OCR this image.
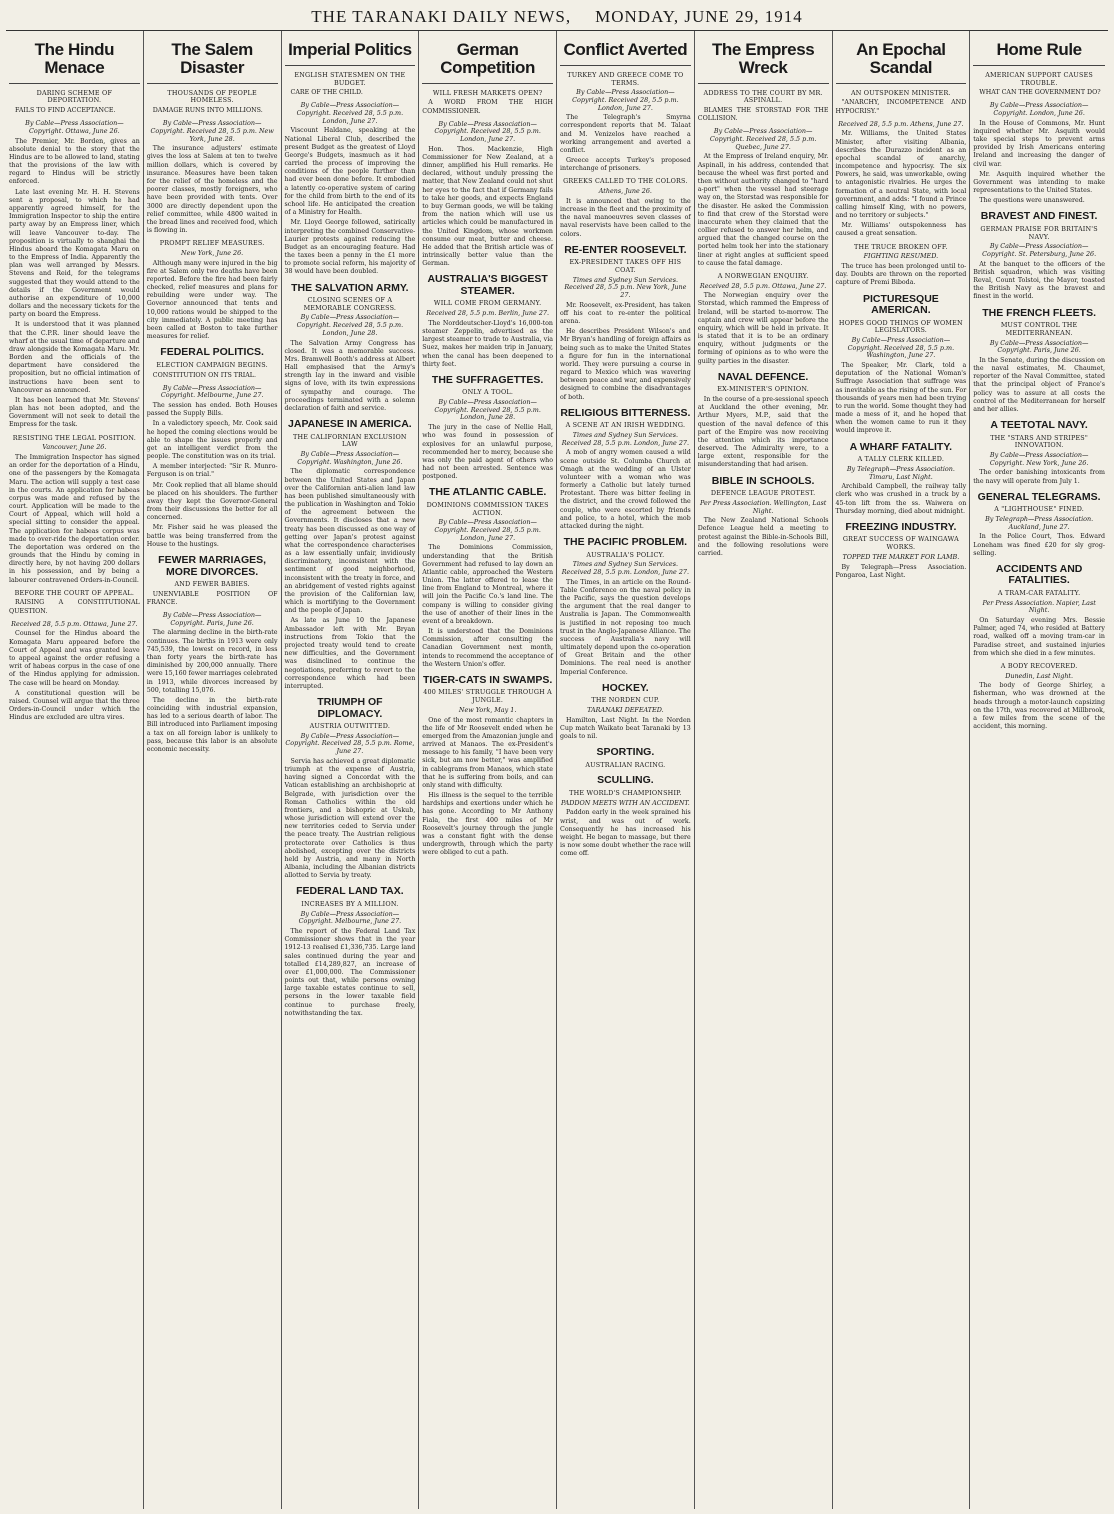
THE TARANAKI DAILY NEWS, MONDAY, JUNE 29, 1914
The Hindu Menace
DARING SCHEME OF DEPORTATION.
FAILS TO FIND ACCEPTANCE.
By Cable—Press Association—Copyright. Ottawa, June 26.
The Premier, Mr. Borden, gives an absolute denial to the story that the Hindus are to be allowed to land, stating that the provisions of the law with regard to Hindus will be strictly enforced.
Late last evening Mr. H. H. Stevens sent a proposal, to which he had apparently agreed himself, for the Immigration Inspector to ship the entire party away by an Empress liner, which will leave Vancouver to-day. The proposition is virtually to shanghai the Hindus aboard the Komagata Maru on to the Empress of India. Apparently the plan was well arranged by Messrs. Stevens and Reid, for the telegrams suggested that they would attend to the details if the Government would authorise an expenditure of 10,000 dollars and the necessary tickets for the party on board the Empress.
It is understood that it was planned that the C.P.R. liner should leave the wharf at the usual time of departure and draw alongside the Komagata Maru. Mr. Borden and the officials of the department have considered the proposition, but no official intimation of instructions have been sent to Vancouver as announced.
It has been learned that Mr. Stevens' plan has not been adopted, and the Government will not seek to detail the Empress for the task.
RESISTING THE LEGAL POSITION.
Vancouver, June 26.
The Immigration Inspector has signed an order for the deportation of a Hindu, one of the passengers by the Komagata Maru. The action will supply a test case in the courts. An application for habeas corpus was made and refused by the court. Application will be made to the Court of Appeal, which will hold a special sitting to consider the appeal. The application for habeas corpus was made to over-ride the deportation order. The deportation was ordered on the grounds that the Hindu by coming in directly here, by not having 200 dollars in his possession, and by being a labourer contravened Orders-in-Council.
BEFORE THE COURT OF APPEAL.
RAISING A CONSTITUTIONAL QUESTION.
Received 28, 5.5 p.m. Ottawa, June 27.
Counsel for the Hindus aboard the Komagata Maru appeared before the Court of Appeal and was granted leave to appeal against the order refusing a writ of habeas corpus in the case of one of the Hindus applying for admission. The case will be heard on Monday.
A constitutional question will be raised. Counsel will argue that the three Orders-in-Council under which the Hindus are excluded are ultra vires.
The Salem Disaster
THOUSANDS OF PEOPLE HOMELESS.
DAMAGE RUNS INTO MILLIONS.
By Cable—Press Association—Copyright. Received 28, 5.5 p.m. New York, June 28.
The insurance adjusters' estimate gives the loss at Salem at ten to twelve million dollars, which is covered by insurance. Measures have been taken for the relief of the homeless and the poorer classes, mostly foreigners, who have been provided with tents. Over 3000 are directly dependent upon the relief committee, while 4800 waited in the bread lines and received food, which is flowing in.
PROMPT RELIEF MEASURES.
New York, June 26.
Although many were injured in the big fire at Salem only two deaths have been reported. Before the fire had been fairly checked, relief measures and plans for rebuilding were under way. The Governor announced that tents and 10,000 rations would be shipped to the city immediately. A public meeting has been called at Boston to take further measures for relief.
FEDERAL POLITICS.
ELECTION CAMPAIGN BEGINS.
CONSTITUTION ON ITS TRIAL.
By Cable—Press Association—Copyright. Melbourne, June 27.
The session has ended. Both Houses passed the Supply Bills.
In a valedictory speech, Mr. Cook said he hoped the coming elections would be able to shape the issues properly and get an intelligent verdict from the people. The constitution was on its trial.
A member interjected: "Sir R. Munro-Ferguson is on trial."
Mr. Cook replied that all blame should be placed on his shoulders. The further away they kept the Governor-General from their discussions the better for all concerned.
Mr. Fisher said he was pleased the battle was being transferred from the House to the hustings.
FEWER MARRIAGES, MORE DIVORCES.
AND FEWER BABIES.
UNENVIABLE POSITION OF FRANCE.
By Cable—Press Association—Copyright. Paris, June 26.
The alarming decline in the birth-rate continues. The births in 1913 were only 745,539, the lowest on record, in less than forty years the birth-rate has diminished by 200,000 annually. There were 15,160 fewer marriages celebrated in 1913, while divorces increased by 500, totalling 15,076.
The decline in the birth-rate coinciding with industrial expansion, has led to a serious dearth of labor. The Bill introduced into Parliament imposing a tax on all foreign labor is unlikely to pass, because this labor is an absolute economic necessity.
Imperial Politics
ENGLISH STATESMEN ON THE BUDGET.
CARE OF THE CHILD.
By Cable—Press Association—Copyright. Received 28, 5.5 p.m. London, June 27.
Viscount Haldane, speaking at the National Liberal Club, described the present Budget as the greatest of Lloyd George's Budgets, inasmuch as it had carried the process of improving the conditions of the people further than had ever been done before. It embodied a latently co-operative system of caring for the child from birth to the end of its school life. He anticipated the creation of a Ministry for Health.
Mr. Lloyd George followed, satirically interpreting the combined Conservative-Laurier protests against reducing the Budget as an encouraging feature. Had the taxes been a penny in the £1 more to promote social reform, his majority of 38 would have been doubled.
THE SALVATION ARMY.
CLOSING SCENES OF A MEMORABLE CONGRESS.
By Cable—Press Association—Copyright. Received 28, 5.5 p.m. London, June 28.
The Salvation Army Congress has closed. It was a memorable success. Mrs. Bramwell Booth's address at Albert Hall emphasised that the Army's strength lay in the inward and visible signs of love, with its twin expressions of sympathy and courage. The proceedings terminated with a solemn declaration of faith and service.
JAPANESE IN AMERICA.
THE CALIFORNIAN EXCLUSION LAW
By Cable—Press Association—Copyright. Washington, June 26.
The diplomatic correspondence between the United States and Japan over the Californian anti-alien land law has been published simultaneously with the publication in Washington and Tokio of the agreement between the Governments. It discloses that a new treaty has been discussed as one way of getting over Japan's protest against what the correspondence characterises as a law essentially unfair, invidiously discriminatory, inconsistent with the sentiment of good neighborhood, inconsistent with the treaty in force, and an abridgement of vested rights against the provision of the Californian law, which is mortifying to the Government and the people of Japan.
As late as June 10 the Japanese Ambassador left with Mr. Bryan instructions from Tokio that the projected treaty would tend to create new difficulties, and the Government was disinclined to continue the negotiations, preferring to revert to the correspondence which had been interrupted.
TRIUMPH OF DIPLOMACY.
AUSTRIA OUTWITTED.
By Cable—Press Association—Copyright. Received 28, 5.5 p.m. Rome, June 27.
Servia has achieved a great diplomatic triumph at the expense of Austria, having signed a Concordat with the Vatican establishing an archbishopric at Belgrade, with jurisdiction over the Roman Catholics within the old frontiers, and a bishopric at Uskub, whose jurisdiction will extend over the new territories ceded to Servia under the peace treaty. The Austrian religious protectorate over Catholics is thus abolished, excepting over the districts held by Austria, and many in North Albania, including the Albanian districts allotted to Servia by treaty.
FEDERAL LAND TAX.
INCREASES BY A MILLION.
By Cable—Press Association—Copyright. Melbourne, June 27.
The report of the Federal Land Tax Commissioner shows that in the year 1912-13 realised £1,336,735. Large land sales continued during the year and totalled £14,289,827, an increase of over £1,000,000. The Commissioner points out that, while persons owning large taxable estates continue to sell, persons in the lower taxable field continue to purchase freely, notwithstanding the tax.
German Competition
WILL FRESH MARKETS OPEN?
A WORD FROM THE HIGH COMMISSIONER.
By Cable—Press Association—Copyright. Received 28, 5.5 p.m. London, June 27.
Hon. Thos. Mackenzie, High Commissioner for New Zealand, at a dinner, amplified his Hull remarks. He declared, without unduly pressing the matter, that New Zealand could not shut her eyes to the fact that if Germany fails to take her goods, and expects England to buy German goods, we will be taking from the nation which will use us articles which could be manufactured in the United Kingdom, whose workmen consume our meat, butter and cheese. He added that the British article was of intrinsically better value than the German.
AUSTRALIA'S BIGGEST STEAMER.
WILL COME FROM GERMANY.
Received 28, 5.5 p.m. Berlin, June 27.
The Norddeutscher-Lloyd's 16,000-ton steamer Zeppelin, advertised as the largest steamer to trade to Australia, via Suez, makes her maiden trip in January, when the canal has been deepened to thirty feet.
THE SUFFRAGETTES.
ONLY A TOOL.
By Cable—Press Association—Copyright. Received 28, 5.5 p.m. London, June 28.
The jury in the case of Nellie Hall, who was found in possession of explosives for an unlawful purpose, recommended her to mercy, because she was only the paid agent of others who had not been arrested. Sentence was postponed.
THE ATLANTIC CABLE.
DOMINIONS COMMISSION TAKES ACTION.
By Cable—Press Association—Copyright. Received 28, 5.5 p.m. London, June 27.
The Dominions Commission, understanding that the British Government had refused to lay down an Atlantic cable, approached the Western Union. The latter offered to lease the line from England to Montreal, where it will join the Pacific Co.'s land line. The company is willing to consider giving the use of another of their lines in the event of a breakdown.
It is understood that the Dominions Commission, after consulting the Canadian Government next month, intends to recommend the acceptance of the Western Union's offer.
TIGER-CATS IN SWAMPS.
400 MILES' STRUGGLE THROUGH A JUNGLE.
New York, May 1.
One of the most romantic chapters in the life of Mr Roosevelt ended when he emerged from the Amazonian jungle and arrived at Manaos. The ex-President's message to his family, "I have been very sick, but am now better," was amplified in cablegrams from Manaos, which state that he is suffering from boils, and can only stand with difficulty.
His illness is the sequel to the terrible hardships and exertions under which he has gone. According to Mr Anthony Fiala, the first 400 miles of Mr Roosevelt's journey through the jungle was a constant fight with the dense undergrowth, through which the party were obliged to cut a path.
Conflict Averted
TURKEY AND GREECE COME TO TERMS.
By Cable—Press Association—Copyright. Received 28, 5.5 p.m. London, June 27.
The Telegraph's Smyrna correspondent reports that M. Talaat and M. Venizelos have reached a working arrangement and averted a conflict.
Greece accepts Turkey's proposed interchange of prisoners.
GREEKS CALLED TO THE COLORS.
Athens, June 26.
It is announced that owing to the increase in the fleet and the proximity of the naval manoeuvres seven classes of naval reservists have been called to the colors.
RE-ENTER ROOSEVELT.
EX-PRESIDENT TAKES OFF HIS COAT.
Times and Sydney Sun Services. Received 28, 5.5 p.m. New York, June 27.
Mr. Roosevelt, ex-President, has taken off his coat to re-enter the political arena.
He describes President Wilson's and Mr Bryan's handling of foreign affairs as being such as to make the United States a figure for fun in the international world. They were pursuing a course in regard to Mexico which was wavering between peace and war, and expensively designed to combine the disadvantages of both.
RELIGIOUS BITTERNESS.
A SCENE AT AN IRISH WEDDING.
Times and Sydney Sun Services. Received 28, 5.5 p.m. London, June 27.
A mob of angry women caused a wild scene outside St. Columba Church at Omagh at the wedding of an Ulster volunteer with a woman who was formerly a Catholic but lately turned Protestant. There was bitter feeling in the district, and the crowd followed the couple, who were escorted by friends and police, to a hotel, which the mob attacked during the night.
THE PACIFIC PROBLEM.
AUSTRALIA'S POLICY.
Times and Sydney Sun Services. Received 28, 5.5 p.m. London, June 27.
The Times, in an article on the Round-Table Conference on the naval policy in the Pacific, says the question develops the argument that the real danger to Australia is Japan. The Commonwealth is justified in not reposing too much trust in the Anglo-Japanese Alliance. The success of Australia's navy will ultimately depend upon the co-operation of Great Britain and the other Dominions. The real need is another Imperial Conference.
HOCKEY.
THE NORDEN CUP.
TARANAKI DEFEATED.
Hamilton, Last Night. In the Norden Cup match Waikato beat Taranaki by 13 goals to nil.
SPORTING.
AUSTRALIAN RACING.
SCULLING.
THE WORLD'S CHAMPIONSHIP.
PADDON MEETS WITH AN ACCIDENT.
Paddon early in the week sprained his wrist, and was out of work. Consequently he has increased his weight. He began to massage, but there is now some doubt whether the race will come off.
The Empress Wreck
ADDRESS TO THE COURT BY MR. ASPINALL.
BLAMES THE STORSTAD FOR THE COLLISION.
By Cable—Press Association—Copyright. Received 28, 5.5 p.m. Quebec, June 27.
At the Empress of Ireland enquiry, Mr. Aspinall, in his address, contended that because the wheel was first ported and then without authority changed to "hard a-port" when the vessel had steerage way on, the Storstad was responsible for the disaster. He asked the Commission to find that crew of the Storstad were inaccurate when they claimed that the collier refused to answer her helm, and argued that the changed course on the ported helm took her into the stationary liner at right angles at sufficient speed to cause the fatal damage.
A NORWEGIAN ENQUIRY.
Received 28, 5.5 p.m. Ottawa, June 27.
The Norwegian enquiry over the Storstad, which rammed the Empress of Ireland, will be started to-morrow. The captain and crew will appear before the enquiry, which will be held in private. It is stated that it is to be an ordinary enquiry, without judgments or the forming of opinions as to who were the guilty parties in the disaster.
NAVAL DEFENCE.
EX-MINISTER'S OPINION.
In the course of a pre-sessional speech at Auckland the other evening, Mr. Arthur Myers, M.P., said that the question of the naval defence of this part of the Empire was now receiving the attention which its importance deserved. The Admiralty were, to a large extent, responsible for the misunderstanding that had arisen.
BIBLE IN SCHOOLS.
DEFENCE LEAGUE PROTEST.
Per Press Association. Wellington, Last Night.
The New Zealand National Schools Defence League held a meeting to protest against the Bible-in-Schools Bill, and the following resolutions were carried.
An Epochal Scandal
AN OUTSPOKEN MINISTER.
"ANARCHY, INCOMPETENCE AND HYPOCRISY."
Received 28, 5.5 p.m. Athens, June 27.
Mr. Williams, the United States Minister, after visiting Albania, describes the Durazzo incident as an epochal scandal of anarchy, incompetence and hypocrisy. The six Powers, he said, was unworkable, owing to antagonistic rivalries. He urges the formation of a neutral State, with local government, and adds: "I found a Prince calling himself King, with no powers, and no territory or subjects."
Mr. Williams' outspokenness has caused a great sensation.
THE TRUCE BROKEN OFF.
FIGHTING RESUMED.
The truce has been prolonged until to-day. Doubts are thrown on the reported capture of Premi Biboda.
PICTURESQUE AMERICAN.
HOPES GOOD THINGS OF WOMEN LEGISLATORS.
By Cable—Press Association—Copyright. Received 28, 5.5 p.m. Washington, June 27.
The Speaker, Mr. Clark, told a deputation of the National Woman's Suffrage Association that suffrage was as inevitable as the rising of the sun. For thousands of years men had been trying to run the world. Some thought they had made a mess of it, and he hoped that when the women came to run it they would improve it.
A WHARF FATALITY.
A TALLY CLERK KILLED.
By Telegraph—Press Association. Timaru, Last Night.
Archibald Campbell, the railway tally clerk who was crushed in a truck by a 45-ton lift from the ss. Waiwera on Thursday morning, died about midnight.
FREEZING INDUSTRY.
GREAT SUCCESS OF WAINGAWA WORKS.
TOPPED THE MARKET FOR LAMB.
By Telegraph—Press Association. Pongaroa, Last Night.
Home Rule
AMERICAN SUPPORT CAUSES TROUBLE.
WHAT CAN THE GOVERNMENT DO?
By Cable—Press Association—Copyright. London, June 26.
In the House of Commons, Mr. Hunt inquired whether Mr. Asquith would take special steps to prevent arms provided by Irish Americans entering Ireland and increasing the danger of civil war.
Mr. Asquith inquired whether the Government was intending to make representations to the United States.
The questions were unanswered.
BRAVEST AND FINEST.
GERMAN PRAISE FOR BRITAIN'S NAVY.
By Cable—Press Association—Copyright. St. Petersburg, June 26.
At the banquet to the officers of the British squadron, which was visiting Reval, Count Tolstoi, the Mayor, toasted the British Navy as the bravest and finest in the world.
THE FRENCH FLEETS.
MUST CONTROL THE MEDITERRANEAN.
By Cable—Press Association—Copyright. Paris, June 26.
In the Senate, during the discussion on the naval estimates, M. Chaumet, reporter of the Naval Committee, stated that the principal object of France's policy was to assure at all costs the control of the Mediterranean for herself and her allies.
A TEETOTAL NAVY.
THE "STARS AND STRIPES" INNOVATION.
By Cable—Press Association—Copyright. New York, June 26.
The order banishing intoxicants from the navy will operate from July 1.
GENERAL TELEGRAMS.
A "LIGHTHOUSE" FINED.
By Telegraph—Press Association. Auckland, June 27.
In the Police Court, Thos. Edward Loneham was fined £20 for sly grog-selling.
ACCIDENTS AND FATALITIES.
A TRAM-CAR FATALITY.
Per Press Association. Napier, Last Night.
On Saturday evening Mrs. Bessie Palmer, aged 74, who resided at Battery road, walked off a moving tram-car in Paradise street, and sustained injuries from which she died in a few minutes.
A BODY RECOVERED.
Dunedin, Last Night.
The body of George Shirley, a fisherman, who was drowned at the heads through a motor-launch capsizing on the 17th, was recovered at Millbrook, a few miles from the scene of the accident, this morning.
